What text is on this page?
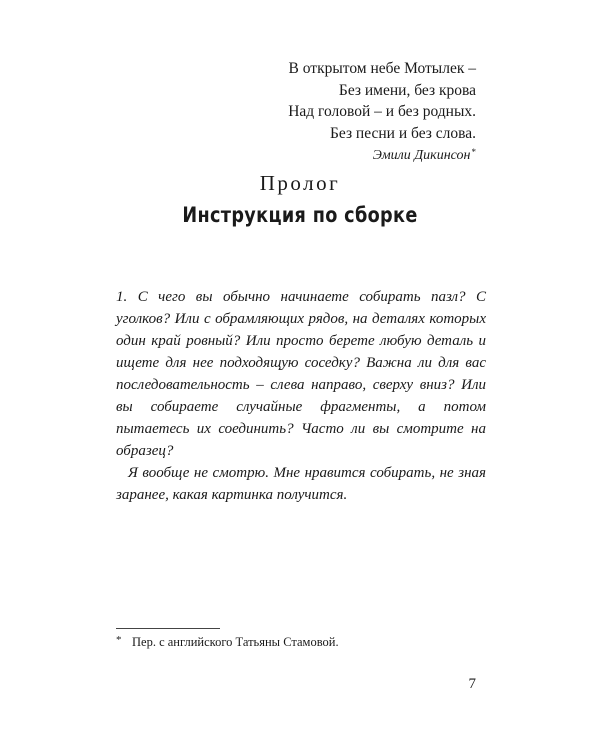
В открытом небе Мотылек –
Без имени, без крова
Над головой – и без родных.
Без песни и без слова.
Эмили Дикинсон*
Пролог
Инструкция по сборке

1. С чего вы обычно начинаете собирать пазл? С уголков? Или с обрамляющих рядов, на деталях которых один край ровный? Или просто берете любую деталь и ищете для нее подходящую соседку? Важна ли для вас последовательность – слева направо, сверху вниз? Или вы собираете случайные фрагменты, а потом пытаетесь их соединить? Часто ли вы смотрите на образец?

Я вообще не смотрю. Мне нравится собирать, не зная заранее, какая картинка получится.

* Пер. с английского Татьяны Стамовой.
7
